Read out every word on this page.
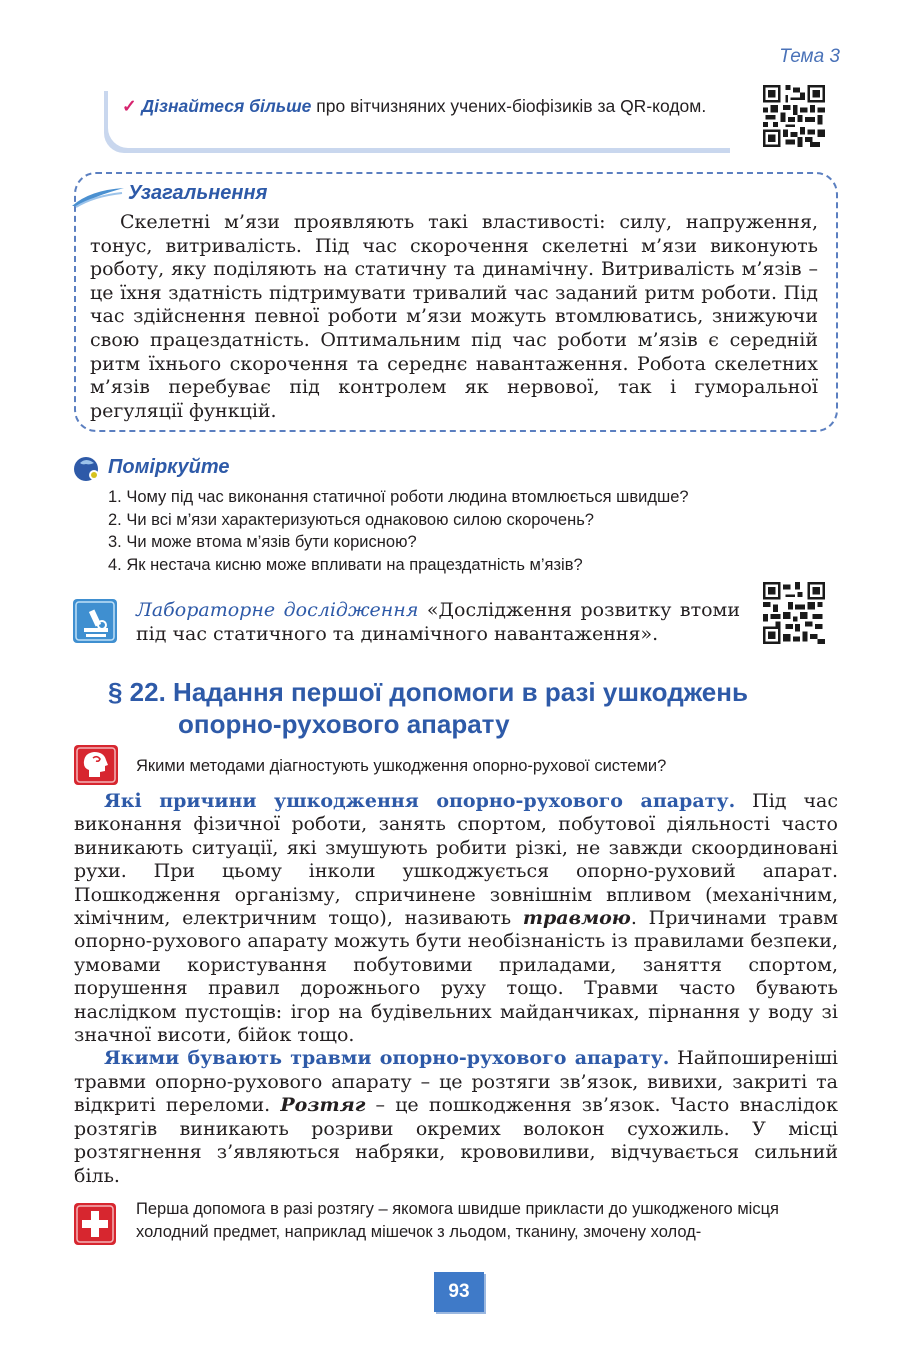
Тема 3
✓ Дізнайтеся більше про вітчизняних учених-біофізиків за QR-кодом.
Узагальнення
Скелетні м’язи проявляють такі властивості: силу, напруження, тонус, витривалість. Під час скорочення скелетні м’язи виконують роботу, яку поділяють на статичну та динамічну. Витривалість м’язів – це їхня здатність підтримувати тривалий час заданий ритм роботи. Під час здійснення певної роботи м’язи можуть втомлюватись, знижуючи свою працездатність. Оптимальним під час роботи м’язів є середній ритм їхнього скорочення та середнє навантаження. Робота скелетних м’язів перебуває під контролем як нервової, так і гуморальної регуляції функцій.
Поміркуйте
1. Чому під час виконання статичної роботи людина втомлюється швидше?
2. Чи всі м’язи характеризуються однаковою силою скорочень?
3. Чи може втома м’язів бути корисною?
4. Як нестача кисню може впливати на працездатність м’язів?
Лабораторне дослідження «Дослідження розвитку втоми під час статичного та динамічного навантаження».
§ 22. Надання першої допомоги в разі ушкоджень
опорно-рухового апарату
Якими методами діагностують ушкодження опорно-рухової системи?

Які причини ушкодження опорно-рухового апарату. Під час виконання фізичної роботи, занять спортом, побутової діяльності часто виникають ситуації, які змушують робити різкі, не завжди скоординовані рухи. При цьому інколи ушкоджується опорно-руховий апарат. Пошкодження організму, спричинене зовнішнім впливом (механічним, хімічним, електричним тощо), називають травмою. Причинами травм опорно-рухового апарату можуть бути необізнаність із правилами безпеки, умовами користування побутовими приладами, заняття спортом, порушення правил дорожнього руху тощо. Травми часто бувають наслідком пустощів: ігор на будівельних майданчиках, пірнання у воду зі значної висоти, бійок тощо.

Якими бувають травми опорно-рухового апарату. Найпоширеніші травми опорно-рухового апарату – це розтяги зв’язок, вивихи, закриті та відкриті переломи. Розтяг – це пошкодження зв’язок. Часто внаслідок розтягів виникають розриви окремих волокон сухожиль. У місці розтягнення з’являються набряки, крововиливи, відчувається сильний біль.

Перша допомога в разі розтягу – якомога швидше прикласти до ушкодженого місця холодний предмет, наприклад мішечок з льодом, тканину, змочену холод-
93
